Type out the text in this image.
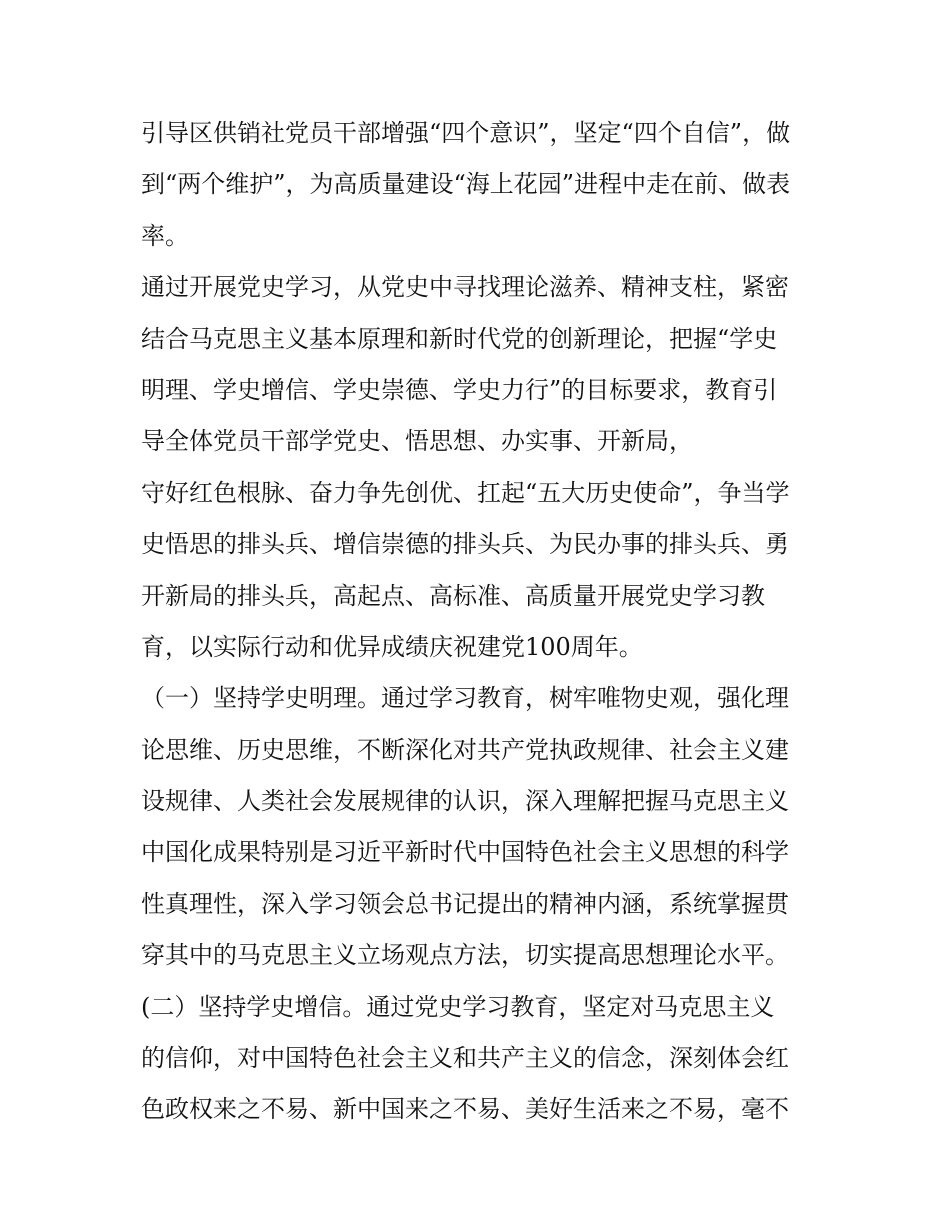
引导区供销社党员干部增强“四个意识”，坚定“四个自信”，做
到“两个维护”，为高质量建设“海上花园”进程中走在前、做表
率。
通过开展党史学习，从党史中寻找理论滋养、精神支柱，紧密
结合马克思主义基本原理和新时代党的创新理论，把握“学史
明理、学史增信、学史崇德、学史力行”的目标要求，教育引
导全体党员干部学党史、悟思想、办实事、开新局，
守好红色根脉、奋力争先创优、扛起“五大历史使命”，争当学
史悟思的排头兵、增信崇德的排头兵、为民办事的排头兵、勇
开新局的排头兵，高起点、高标准、高质量开展党史学习教
育，以实际行动和优异成绩庆祝建党100周年。
（一）坚持学史明理。通过学习教育，树牢唯物史观，强化理
论思维、历史思维，不断深化对共产党执政规律、社会主义建
设规律、人类社会发展规律的认识，深入理解把握马克思主义
中国化成果特别是习近平新时代中国特色社会主义思想的科学
性真理性，深入学习领会总书记提出的精神内涵，系统掌握贯
穿其中的马克思主义立场观点方法，切实提高思想理论水平。
(二）坚持学史增信。通过党史学习教育，坚定对马克思主义
的信仰，对中国特色社会主义和共产主义的信念，深刻体会红
色政权来之不易、新中国来之不易、美好生活来之不易，毫不
